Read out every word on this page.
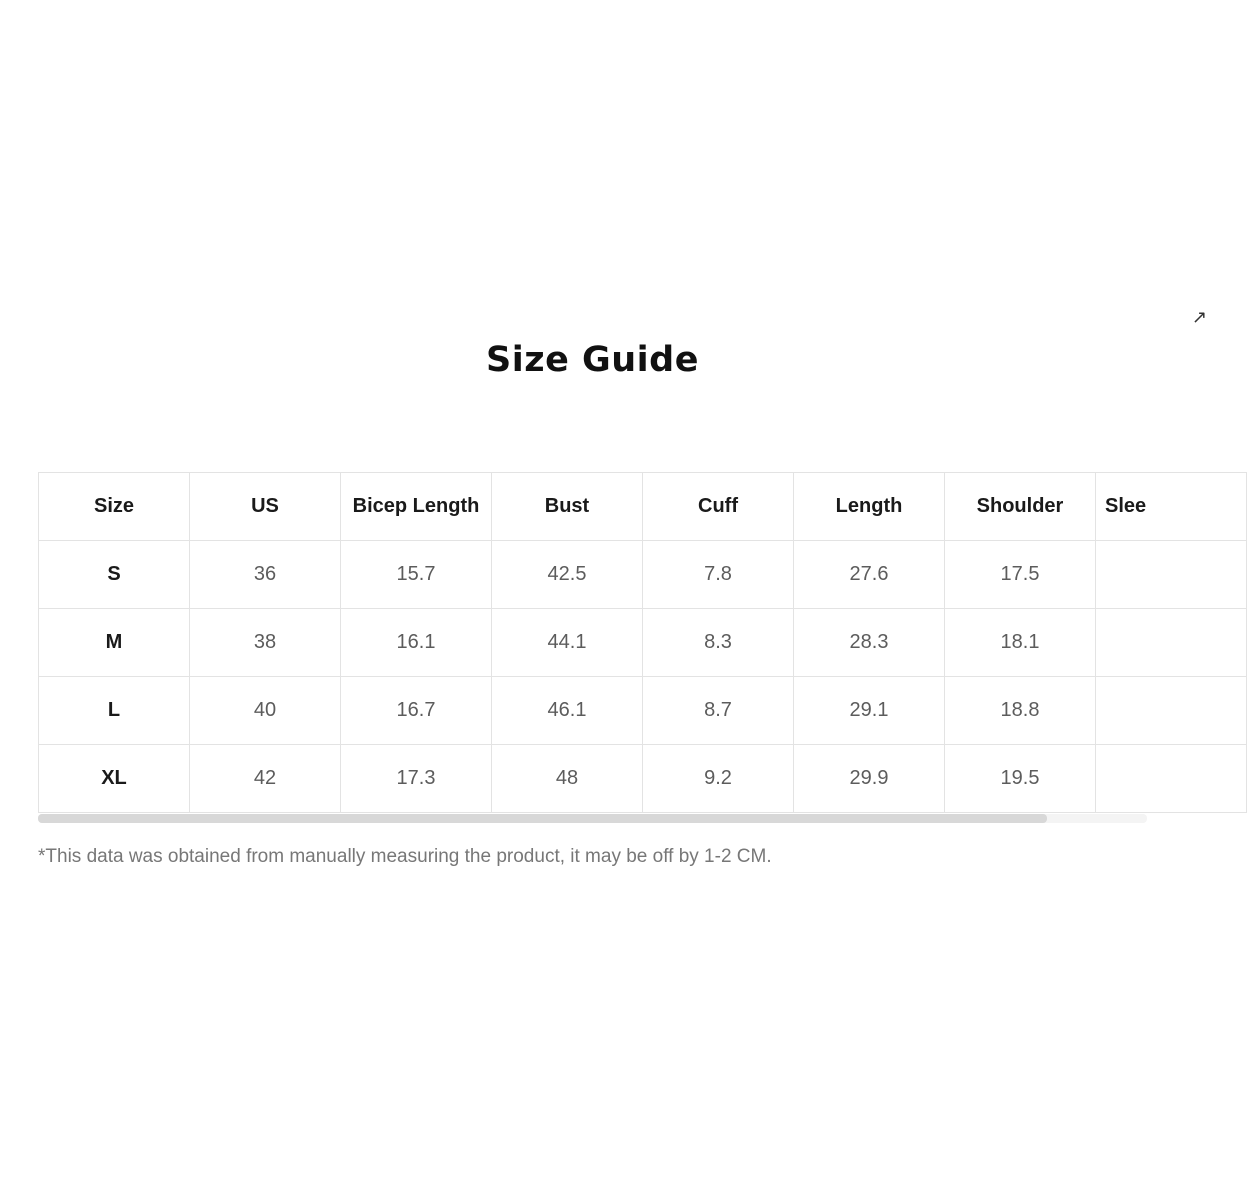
Size Guide
↗
Size	US	Bicep Length	Bust	Cuff	Length	Shoulder	Slee
S	36	15.7	42.5	7.8	27.6	17.5	
M	38	16.1	44.1	8.3	28.3	18.1	
L	40	16.7	46.1	8.7	29.1	18.8	
XL	42	17.3	48	9.2	29.9	19.5	
*This data was obtained from manually measuring the product, it may be off by 1-2 CM.
